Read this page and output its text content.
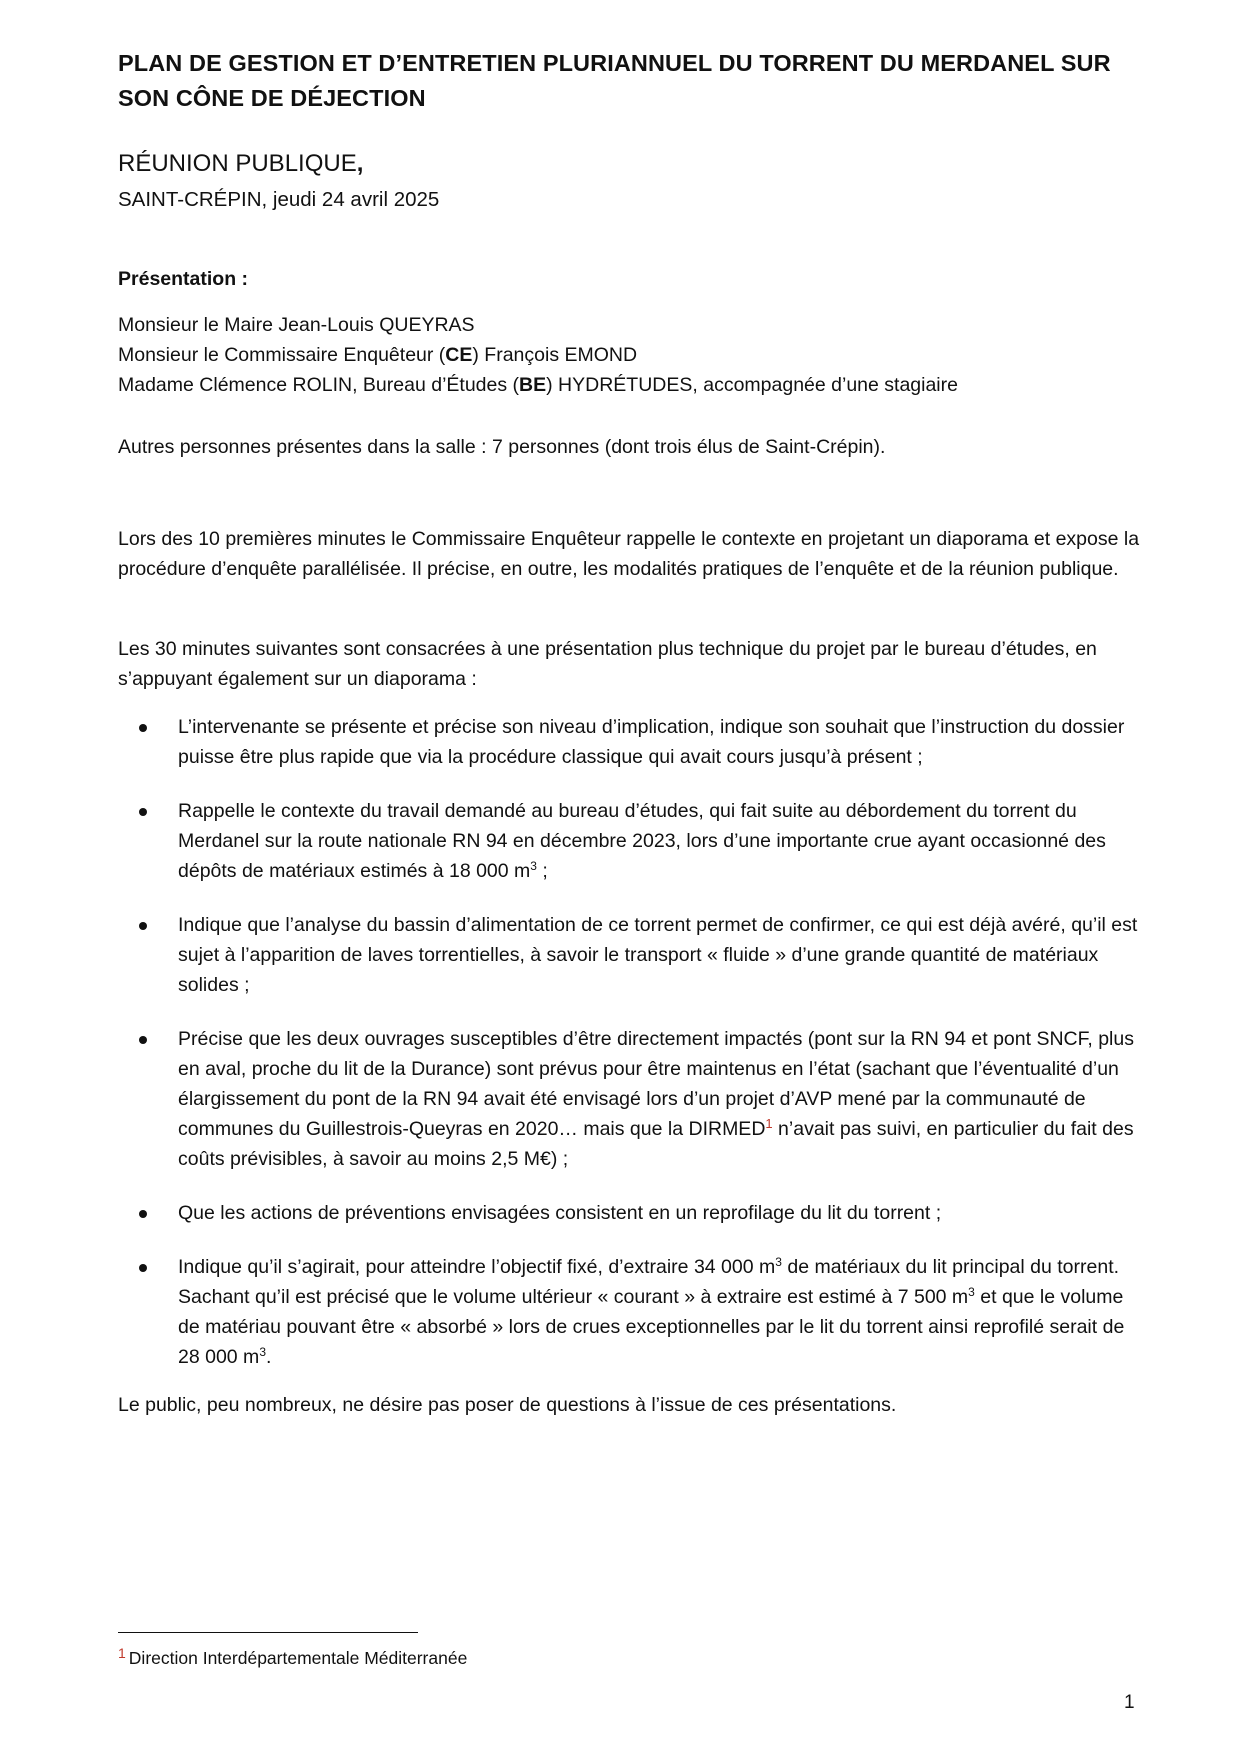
PLAN DE GESTION ET D’ENTRETIEN PLURIANNUEL DU TORRENT DU MERDANEL SUR SON CÔNE DE DÉJECTION
RÉUNION PUBLIQUE,
SAINT-CRÉPIN, jeudi 24 avril 2025
Présentation :
Monsieur le Maire Jean-Louis QUEYRAS
Monsieur le Commissaire Enquêteur (CE) François EMOND
Madame Clémence ROLIN, Bureau d’Études (BE) HYDRÉTUDES, accompagnée d’une stagiaire
Autres personnes présentes dans la salle : 7 personnes (dont trois élus de Saint-Crépin).
Lors des 10 premières minutes le Commissaire Enquêteur rappelle le contexte en projetant un diaporama et expose la procédure d’enquête parallélisée. Il précise, en outre, les modalités pratiques de l’enquête et de la réunion publique.
Les 30 minutes suivantes sont consacrées à une présentation plus technique du projet par le bureau d’études, en s’appuyant également sur un diaporama :
L’intervenante se présente et précise son niveau d’implication, indique son souhait que l’instruction du dossier puisse être plus rapide que via la procédure classique qui avait cours jusqu’à présent ;
Rappelle le contexte du travail demandé au bureau d’études, qui fait suite au débordement du torrent du Merdanel sur la route nationale RN 94 en décembre 2023, lors d’une importante crue ayant occasionné des dépôts de matériaux estimés à 18 000 $m^3$ ;
Indique que l’analyse du bassin d’alimentation de ce torrent permet de confirmer, ce qui est déjà avéré, qu’il est sujet à l’apparition de laves torrentielles, à savoir le transport « fluide » d’une grande quantité de matériaux solides ;
Précise que les deux ouvrages susceptibles d’être directement impactés (pont sur la RN 94 et pont SNCF, plus en aval, proche du lit de la Durance) sont prévus pour être maintenus en l’état (sachant que l’éventualité d’un élargissement du pont de la RN 94 avait été envisagé lors d’un projet d’AVP mené par la communauté de communes du Guillestrois-Queyras en 2020… mais que la DIRMED$^1$ n’avait pas suivi, en particulier du fait des coûts prévisibles, à savoir au moins 2,5 M€) ;
Que les actions de préventions envisagées consistent en un reprofilage du lit du torrent ;
Indique qu’il s’agirait, pour atteindre l’objectif fixé, d’extraire 34 000 $m^3$ de matériaux du lit principal du torrent. Sachant qu’il est précisé que le volume ultérieur « courant » à extraire est estimé à 7 500 $m^3$ et que le volume de matériau pouvant être « absorbé » lors de crues exceptionnelles par le lit du torrent ainsi reprofilé serait de 28 000 $m^3$.
Le public, peu nombreux, ne désire pas poser de questions à l’issue de ces présentations.
$^1$ Direction Interdépartementale Méditerranée
1
